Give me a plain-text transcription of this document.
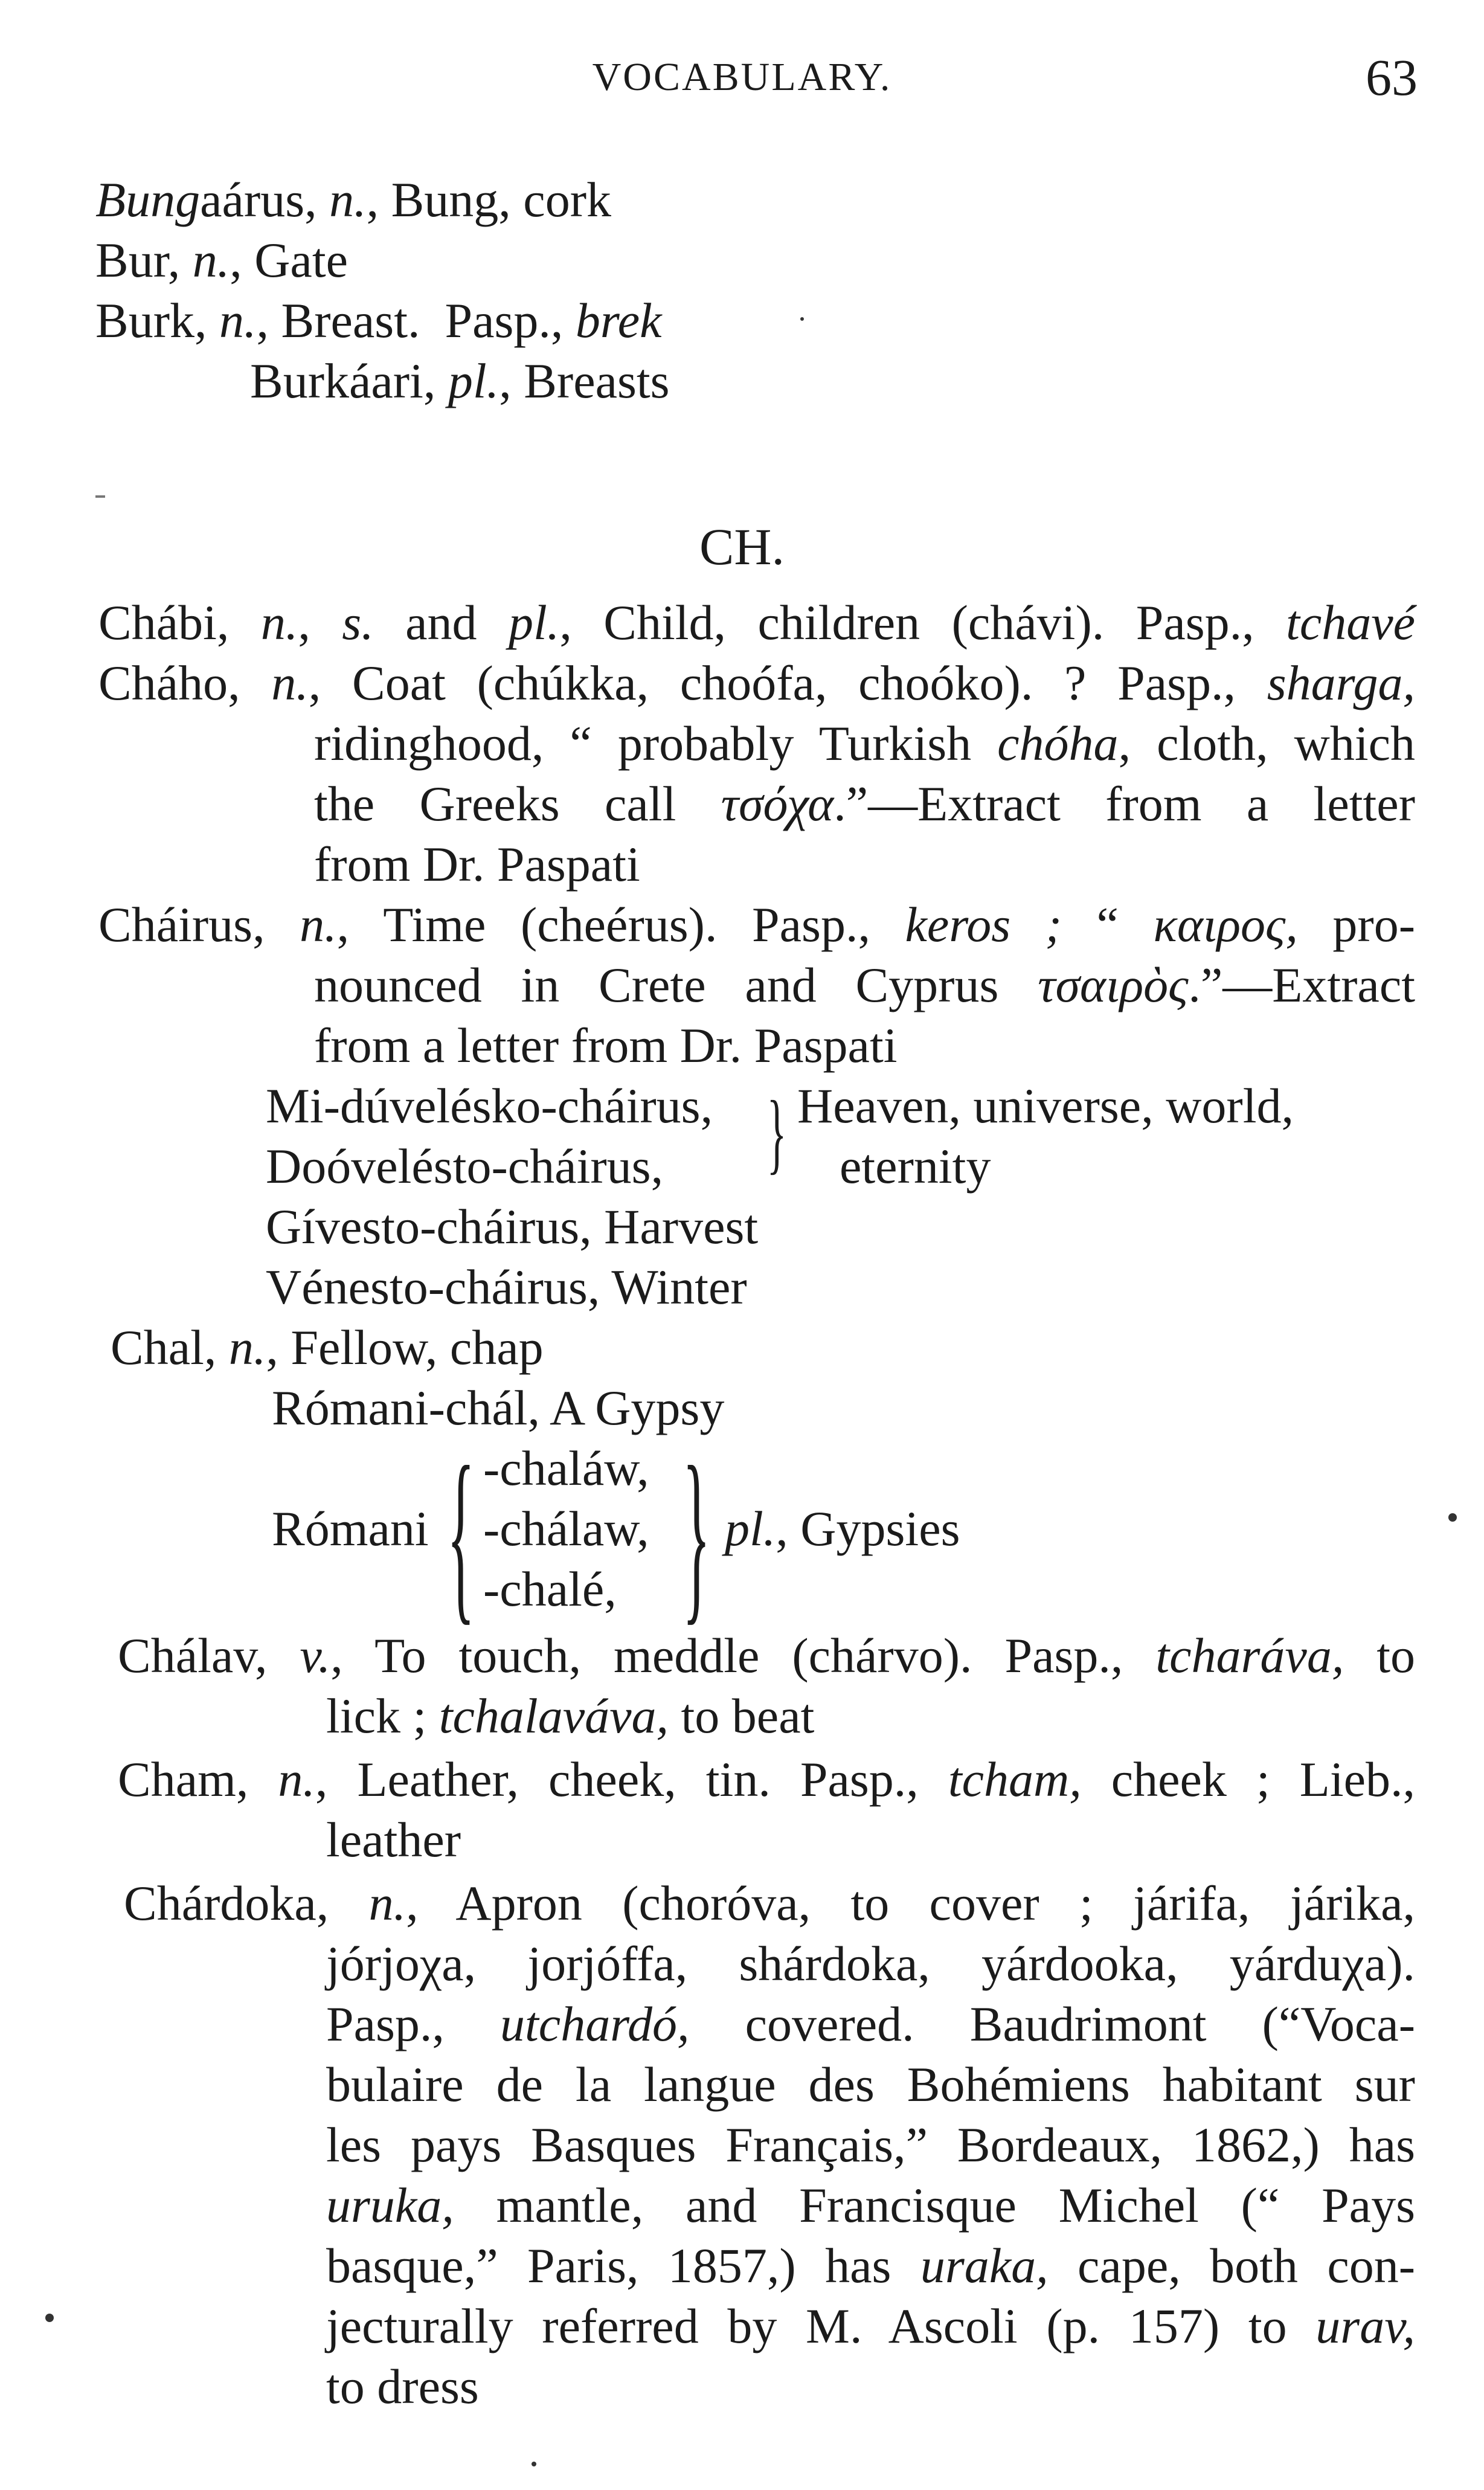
VOCABULARY.	63
Bungaárus, n., Bung, cork
Bur, n., Gate
Burk, n., Breast. Pasp., brek
Burkáari, pl., Breasts
CH.
Chábi, n., s. and pl., Child, children (chávi). Pasp., tchavé
Cháho, n., Coat (chúkka, choófa, choóko). ? Pasp., sharga,
ridinghood, “ probably Turkish chóha, cloth, which
the Greeks call τσόχα.”—Extract from a letter
from Dr. Paspati
Cháirus, n., Time (cheérus). Pasp., keros ; “ καιρος, pro-
nounced in Crete and Cyprus τσαιρὸς.”—Extract
from a letter from Dr. Paspati
Mi-dúvelésko-cháirus,
Doóvelésto-cháirus, } Heaven, universe, world,
eternity
Gívesto-cháirus, Harvest
Vénesto-cháirus, Winter
Chal, n., Fellow, chap
Rómani-chál, A Gypsy
Rómani { -chaláw,
-chálaw,
-chalé, } pl., Gypsies
Chálav, v., To touch, meddle (chárvo). Pasp., tcharáva, to
lick ; tchalaváva, to beat
Cham, n., Leather, cheek, tin. Pasp., tcham, cheek ; Lieb.,
leather
Chárdoka, n., Apron (choróva, to cover ; járifa, járika,
jórjoχa, jorjóffa, shárdoka, yárdooka, yárduχa).
Pasp., utchardó, covered. Baudrimont (“Voca-
bulaire de la langue des Bohémiens habitant sur
les pays Basques Français,” Bordeaux, 1862,) has
uruka, mantle, and Francisque Michel (“ Pays
basque,” Paris, 1857,) has uraka, cape, both con-
jecturally referred by M. Ascoli (p. 157) to urav,
to dress
